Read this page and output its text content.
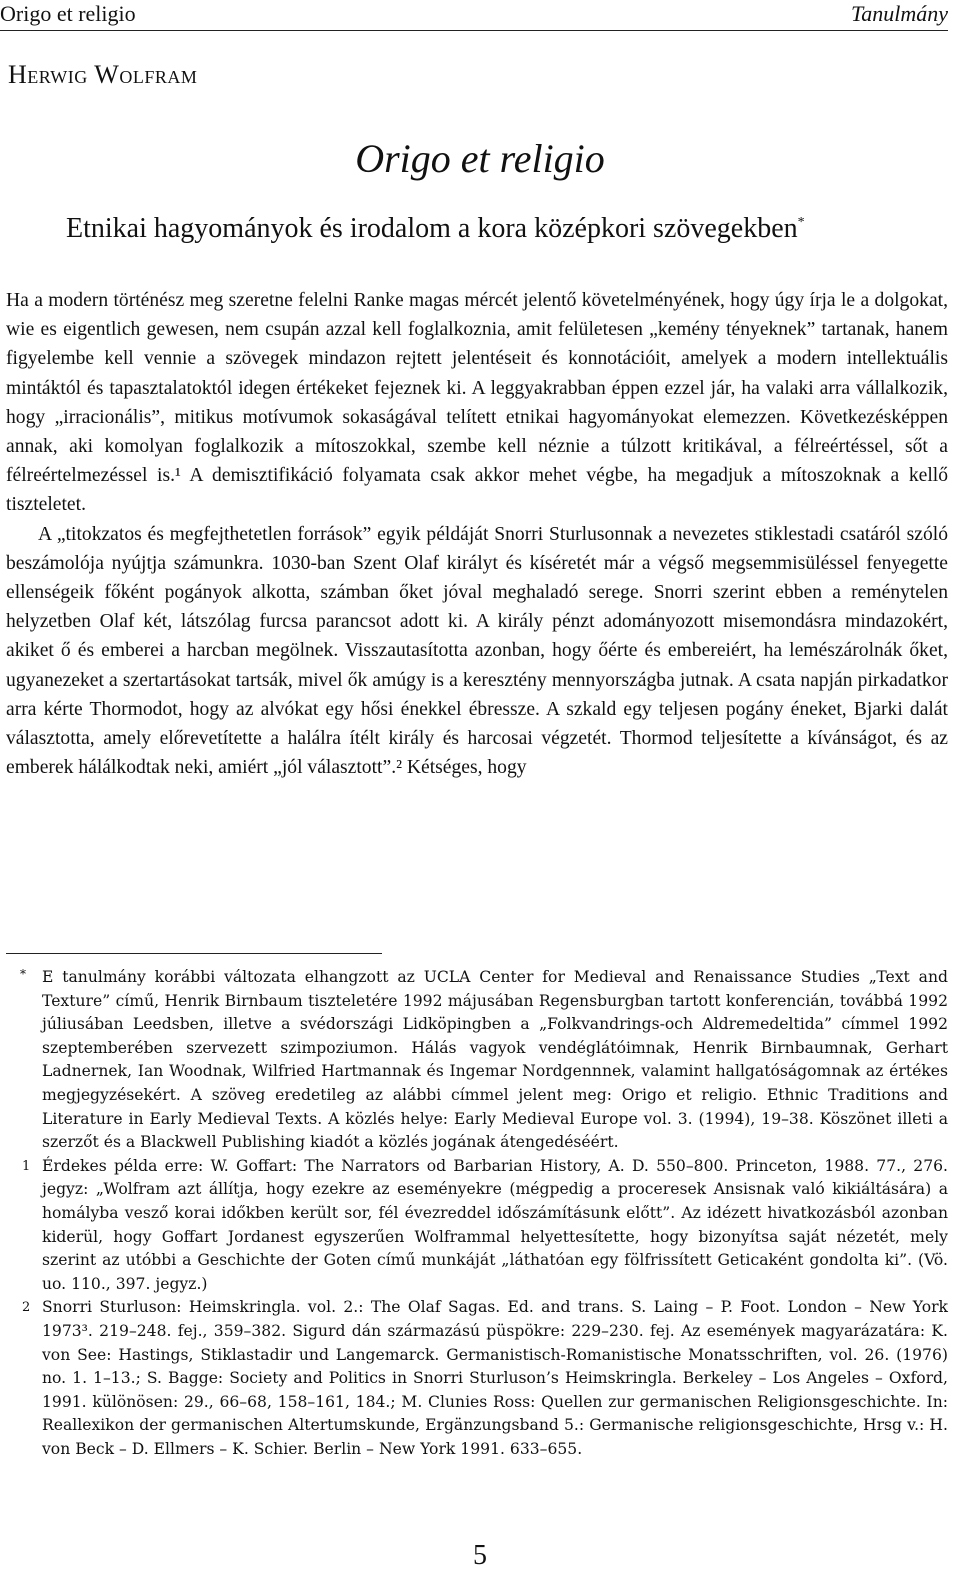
Origo et religio	Tanulmány
Herwig Wolfram
Origo et religio
Etnikai hagyományok és irodalom a kora középkori szövegekben*

Ha a modern történész meg szeretne felelni Ranke magas mércét jelentő követelményének, hogy úgy írja le a dolgokat, wie es eigentlich gewesen, nem csupán azzal kell foglalkoznia, amit felületesen „kemény tényeknek” tartanak, hanem figyelembe kell vennie a szövegek mindazon rejtett jelentéseit és konnotációit, amelyek a modern intellektuális mintáktól és tapasztalatoktól idegen értékeket fejeznek ki. A leggyakrabban éppen ezzel jár, ha valaki arra vállalkozik, hogy „irracionális”, mitikus motívumok sokaságával telített etnikai hagyományokat elemezzen. Következésképpen annak, aki komolyan foglalkozik a mítoszokkal, szembe kell néznie a túlzott kritikával, a félreértéssel, sőt a félreértelmezéssel is.¹ A demisztifikáció folyamata csak akkor mehet végbe, ha megadjuk a mítoszoknak a kellő tiszteletet.

A „titokzatos és megfejthetetlen források” egyik példáját Snorri Sturlusonnak a nevezetes stiklestadi csatáról szóló beszámolója nyújtja számunkra. 1030-ban Szent Olaf királyt és kíséretét már a végső megsemmisüléssel fenyegette ellenségeik főként pogányok alkotta, számban őket jóval meghaladó serege. Snorri szerint ebben a reménytelen helyzetben Olaf két, látszólag furcsa parancsot adott ki. A király pénzt adományozott misemondásra mindazokért, akiket ő és emberei a harcban megölnek. Visszautasította azonban, hogy őérte és embereiért, ha lemészárolnák őket, ugyanezeket a szertartásokat tartsák, mivel ők amúgy is a keresztény mennyországba jutnak. A csata napján pirkadatkor arra kérte Thormodot, hogy az alvókat egy hősi énekkel ébressze. A szkald egy teljesen pogány éneket, Bjarki dalát választotta, amely előrevetítette a halálra ítélt király és harcosai végzetét. Thormod teljesítette a kívánságot, és az emberek hálálkodtak neki, amiért „jól választott”.² Kétséges, hogy

* E tanulmány korábbi változata elhangzott az UCLA Center for Medieval and Renaissance Studies „Text and Texture” című, Henrik Birnbaum tiszteletére 1992 májusában Regensburgban tartott konferencián, továbbá 1992 júliusában Leedsben, illetve a svédországi Lidköpingben a „Folkvandrings-och Aldremedeltida” címmel 1992 szeptemberében szervezett szimpoziumon. Hálás vagyok vendéglátóimnak, Henrik Birnbaumnak, Gerhart Ladnernek, Ian Woodnak, Wilfried Hartmannak és Ingemar Nordgennnek, valamint hallgatóságomnak az értékes megjegyzésekért. A szöveg eredetileg az alábbi címmel jelent meg: Origo et religio. Ethnic Traditions and Literature in Early Medieval Texts. A közlés helye: Early Medieval Europe vol. 3. (1994), 19–38. Köszönet illeti a szerzőt és a Blackwell Publishing kiadót a közlés jogának átengedéséért.

1 Érdekes példa erre: W. Goffart: The Narrators od Barbarian History, A. D. 550–800. Princeton, 1988. 77., 276. jegyz: „Wolfram azt állítja, hogy ezekre az eseményekre (mégpedig a proceresek Ansisnak való kikiáltására) a homályba vesző korai időkben került sor, fél évezreddel időszámításunk előtt”. Az idézett hivatkozásból azonban kiderül, hogy Goffart Jordanest egyszerűen Wolframmal helyettesítette, hogy bizonyítsa saját nézetét, mely szerint az utóbbi a Geschichte der Goten című munkáját „láthatóan egy fölfrissített Geticaként gondolta ki”. (Vö. uo. 110., 397. jegyz.)

2 Snorri Sturluson: Heimskringla. vol. 2.: The Olaf Sagas. Ed. and trans. S. Laing – P. Foot. London – New York 1973³. 219–248. fej., 359–382. Sigurd dán származású püspökre: 229–230. fej. Az események magyarázatára: K. von See: Hastings, Stiklastadir und Langemarck. Germanistisch-Romanistische Monatsschriften, vol. 26. (1976) no. 1. 1–13.; S. Bagge: Society and Politics in Snorri Sturluson’s Heimskringla. Berkeley – Los Angeles – Oxford, 1991. különösen: 29., 66–68, 158–161, 184.; M. Clunies Ross: Quellen zur germanischen Religionsgeschichte. In: Reallexikon der germanischen Altertumskunde, Ergänzungsband 5.: Germanische religionsgeschichte, Hrsg v.: H. von Beck – D. Ellmers – K. Schier. Berlin – New York 1991. 633–655.

5
